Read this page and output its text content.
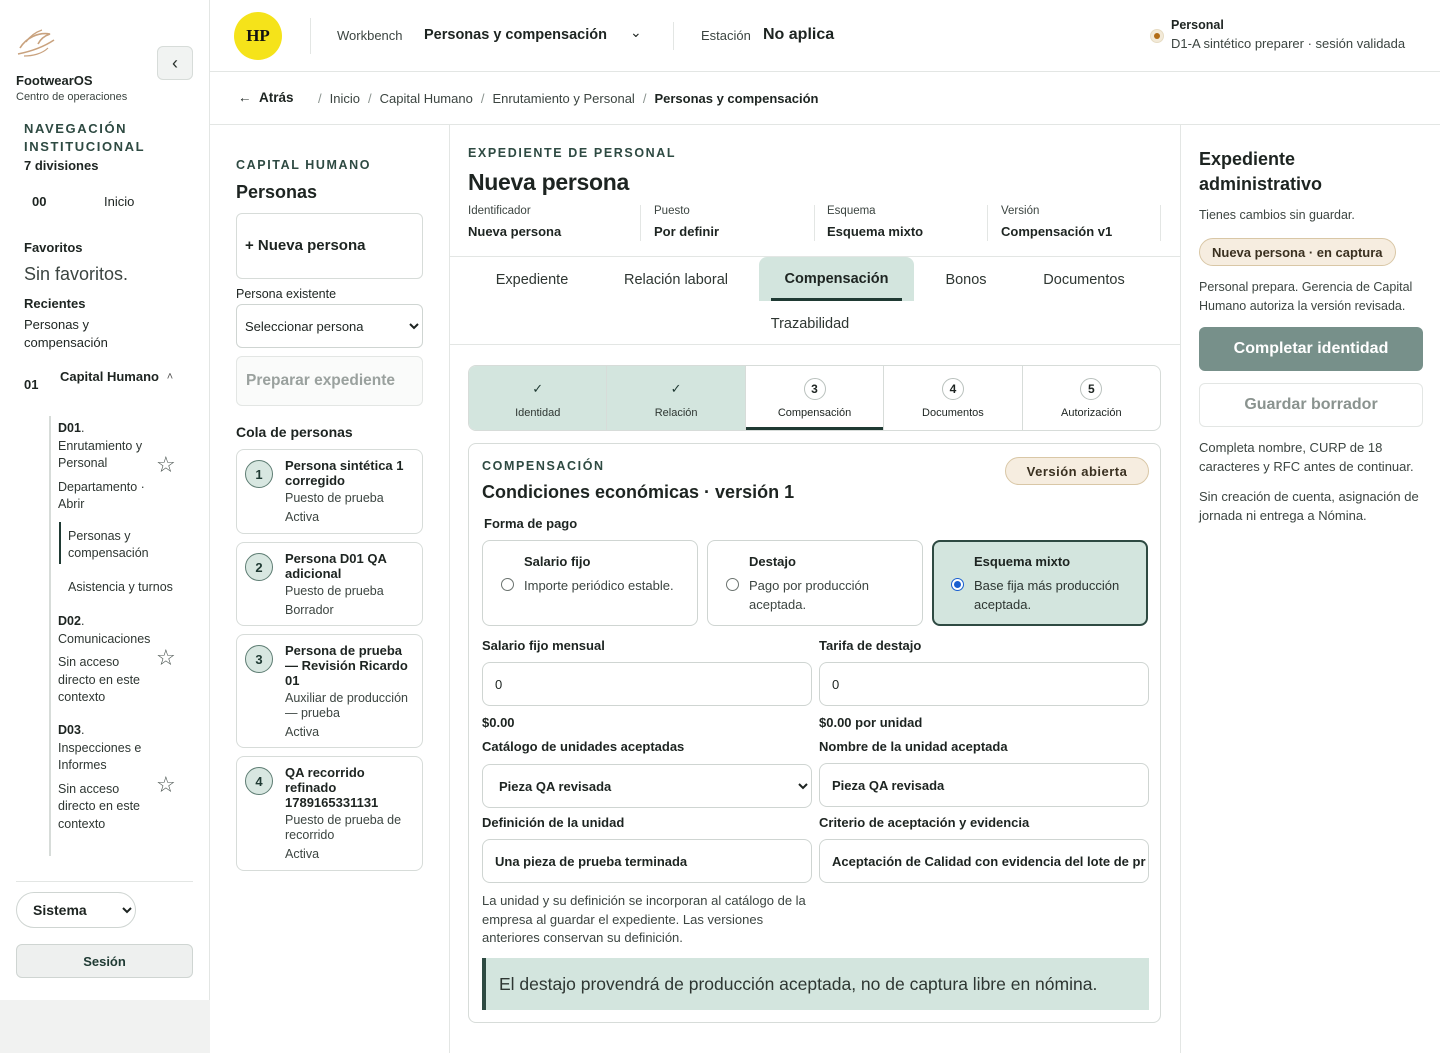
‹
FootwearOS
Centro de operaciones
NAVEGACIÓN INSTITUCIONAL
7 divisiones
00	Inicio
Favoritos
Sin favoritos.
Recientes
Personas y compensación
01
Capital Humano ˄
D01.
Enrutamiento y Personal
Departamento · Abrir
☆
Personas y compensación
Asistencia y turnos
D02.
Comunicaciones
Sin acceso directo en este contexto
☆
D03.
Inspecciones e Informes
Sin acceso directo en este contexto
☆
Sistema
Sesión
HP	Workbench Personas y compensación ⌄	Estación No aplica
Personal
D1-A sintético preparer · sesión validada
← Atrás / Inicio / Capital Humano / Enrutamiento y Personal / Personas y compensación
CAPITAL HUMANO
Personas
+ Nueva persona
Persona existente
Seleccionar persona
Preparar expediente
Cola de personas
1
Persona sintética 1 corregido
Puesto de prueba
Activa
2
Persona D01 QA adicional
Puesto de prueba
Borrador
3
Persona de prueba — Revisión Ricardo 01
Auxiliar de producción — prueba
Activa
4
QA recorrido refinado 1789165331131
Puesto de prueba de recorrido
Activa
EXPEDIENTE DE PERSONAL
Nueva persona
Identificador
Nueva persona
Puesto
Por definir
Esquema
Esquema mixto
Versión
Compensación v1
Expediente	Relación laboral	Compensación	Bonos	Documentos
Trazabilidad
✓
Identidad
✓
Relación
3
Compensación
4
Documentos
5
Autorización
COMPENSACIÓN
Condiciones económicas · versión 1
Versión abierta
Forma de pago
Salario fijo
Importe periódico estable.
Destajo
Pago por producción aceptada.
Esquema mixto
Base fija más producción aceptada.
Salario fijo mensual
0
$0.00
Tarifa de destajo
0
$0.00 por unidad
Catálogo de unidades aceptadas
Pieza QA revisada	Nombre de la unidad aceptada
Pieza QA revisada
Definición de la unidad
Una pieza de prueba terminada
Criterio de aceptación y evidencia
Aceptación de Calidad con evidencia del lote de pr
La unidad y su definición se incorporan al catálogo de la empresa al guardar el expediente. Las versiones anteriores conservan su definición.
El destajo provendrá de producción aceptada, no de captura libre en nómina.
Expediente administrativo
Tienes cambios sin guardar.
Nueva persona · en captura
Personal prepara. Gerencia de Capital Humano autoriza la versión revisada.
Completar identidad
Guardar borrador
Completa nombre, CURP de 18 caracteres y RFC antes de continuar.
Sin creación de cuenta, asignación de jornada ni entrega a Nómina.
